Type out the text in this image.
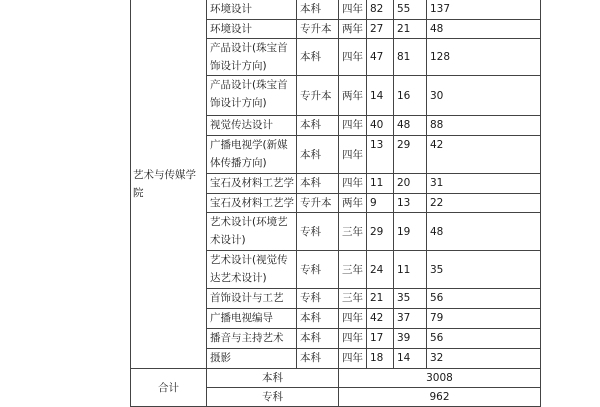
艺术与传媒学院	环境设计	本科	四年	82	55	137
	环境设计	专升本	两年	27	21	48
	产品设计(珠宝首饰设计方向)	本科	四年	47	81	128
	产品设计(珠宝首饰设计方向)	专升本	两年	14	16	30
	视觉传达设计	本科	四年	40	48	88
	广播电视学(新媒体传播方向)	本科	四年	13	29	42
	宝石及材料工艺学	本科	四年	11	20	31
	宝石及材料工艺学	专升本	两年	9	13	22
	艺术设计(环境艺术设计)	专科	三年	29	19	48
	艺术设计(视觉传达艺术设计)	专科	三年	24	11	35
	首饰设计与工艺	专科	三年	21	35	56
	广播电视编导	本科	四年	42	37	79
	播音与主持艺术	本科	四年	17	39	56
	摄影	本科	四年	18	14	32
合计	本科		3008			
	专科		962			
